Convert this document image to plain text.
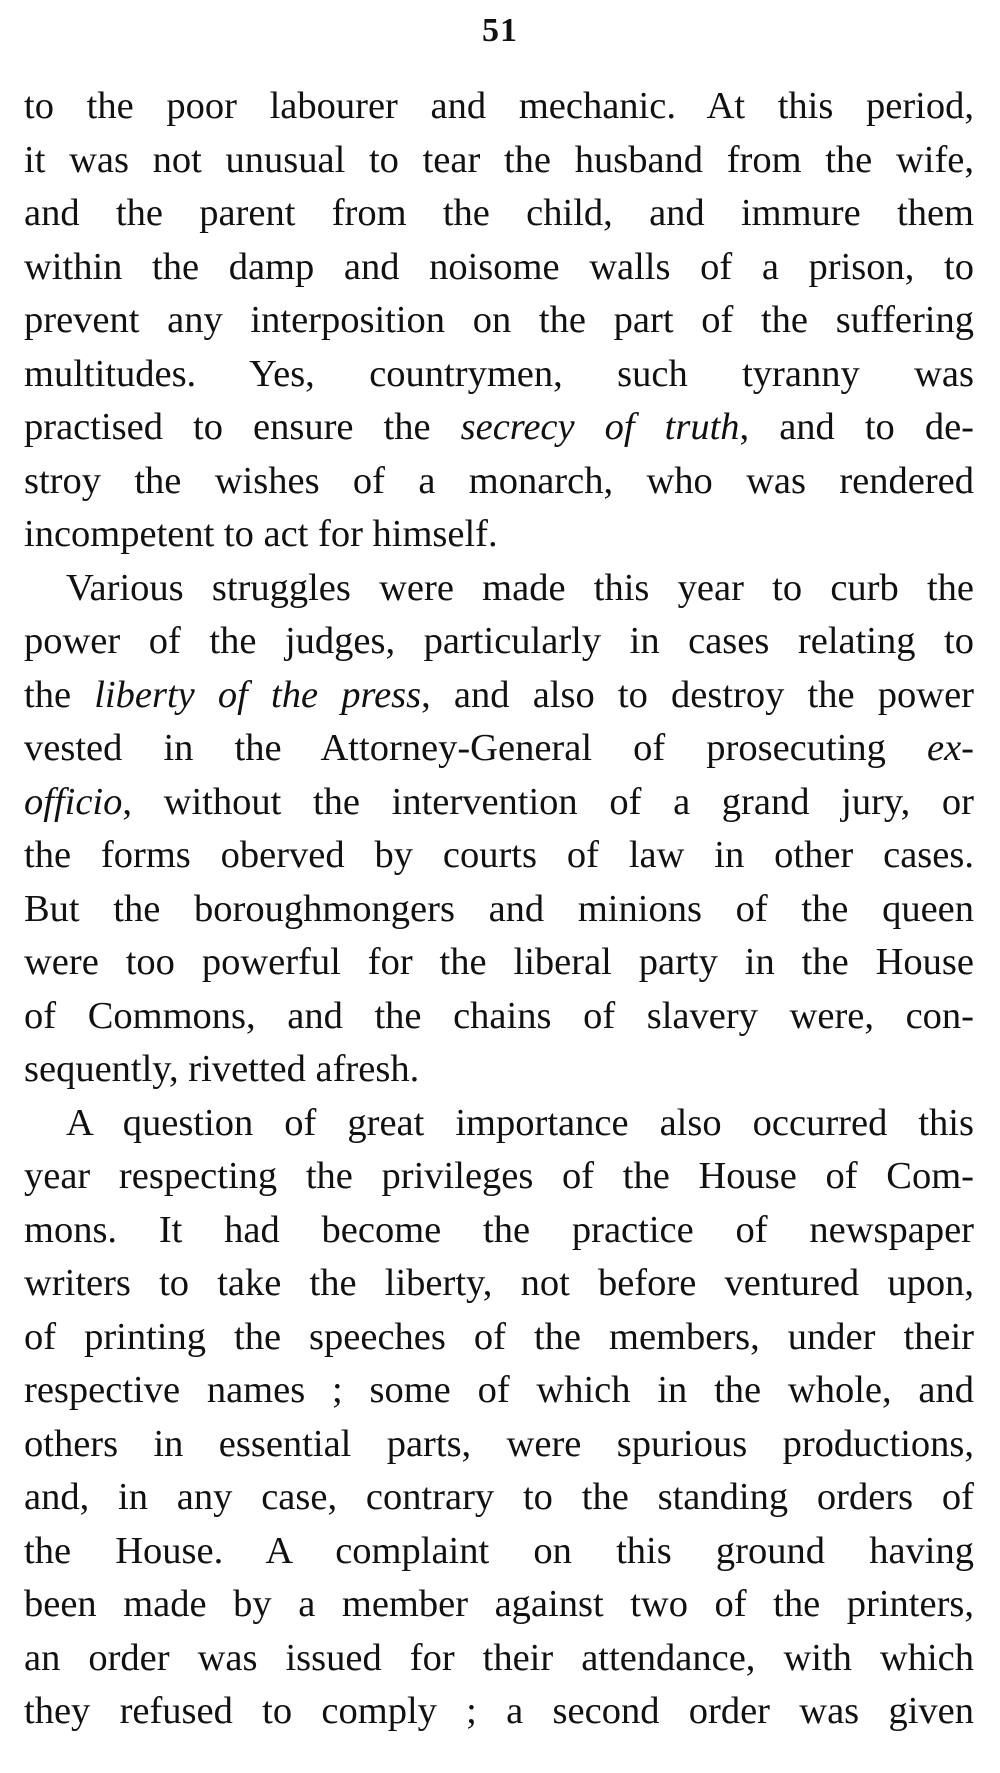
51
to the poor labourer and mechanic. At this period,
it was not unusual to tear the husband from the wife,
and the parent from the child, and immure them
within the damp and noisome walls of a prison, to
prevent any interposition on the part of the suffering
multitudes. Yes, countrymen, such tyranny was
practised to ensure the secrecy of truth, and to de-
stroy the wishes of a monarch, who was rendered
incompetent to act for himself.
Various struggles were made this year to curb the
power of the judges, particularly in cases relating to
the liberty of the press, and also to destroy the power
vested in the Attorney-General of prosecuting ex-
officio, without the intervention of a grand jury, or
the forms oberved by courts of law in other cases.
But the boroughmongers and minions of the queen
were too powerful for the liberal party in the House
of Commons, and the chains of slavery were, con-
sequently, rivetted afresh.
A question of great importance also occurred this
year respecting the privileges of the House of Com-
mons. It had become the practice of newspaper
writers to take the liberty, not before ventured upon,
of printing the speeches of the members, under their
respective names ; some of which in the whole, and
others in essential parts, were spurious productions,
and, in any case, contrary to the standing orders of
the House. A complaint on this ground having
been made by a member against two of the printers,
an order was issued for their attendance, with which
they refused to comply ; a second order was given
